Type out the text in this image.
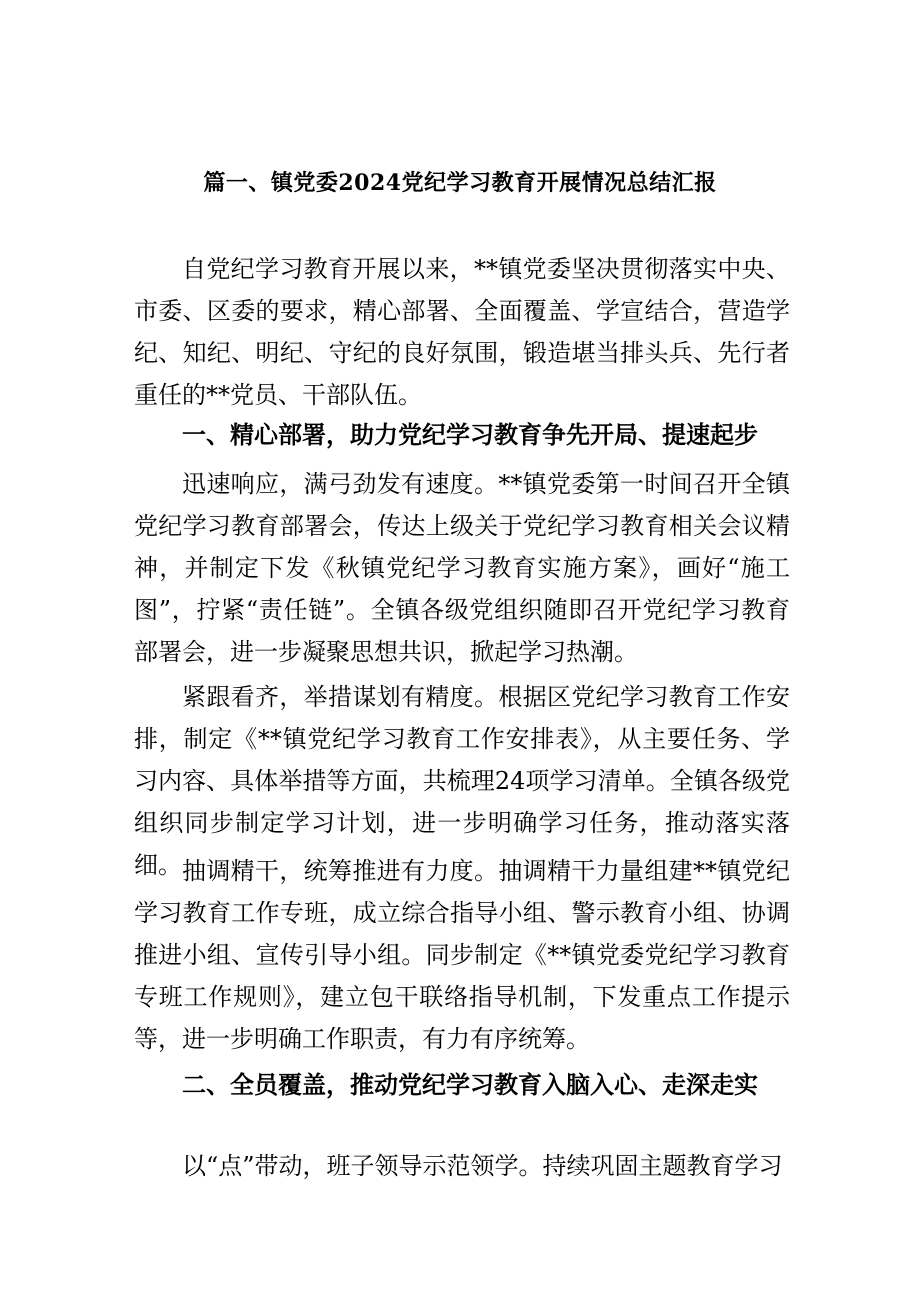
篇一、镇党委2024党纪学习教育开展情况总结汇报

自党纪学习教育开展以来，**镇党委坚决贯彻落实中央、市委、区委的要求，精心部署、全面覆盖、学宣结合，营造学纪、知纪、明纪、守纪的良好氛围，锻造堪当排头兵、先行者重任的**党员、干部队伍。

一、精心部署，助力党纪学习教育争先开局、提速起步

迅速响应，满弓劲发有速度。**镇党委第一时间召开全镇党纪学习教育部署会，传达上级关于党纪学习教育相关会议精神，并制定下发《秋镇党纪学习教育实施方案》，画好“施工图”，拧紧“责任链”。全镇各级党组织随即召开党纪学习教育部署会，进一步凝聚思想共识，掀起学习热潮。

紧跟看齐，举措谋划有精度。根据区党纪学习教育工作安排，制定《**镇党纪学习教育工作安排表》，从主要任务、学习内容、具体举措等方面，共梳理24项学习清单。全镇各级党组织同步制定学习计划，进一步明确学习任务，推动落实落细。 抽调精干，统筹推进有力度。抽调精干力量组建**镇党纪学习教育工作专班，成立综合指导小组、警示教育小组、协调推进小组、宣传引导小组。同步制定《**镇党委党纪学习教育专班工作规则》，建立包干联络指导机制，下发重点工作提示等，进一步明确工作职责，有力有序统筹。

二、全员覆盖，推动党纪学习教育入脑入心、走深走实

以“点”带动，班子领导示范领学。持续巩固主题教育学习
